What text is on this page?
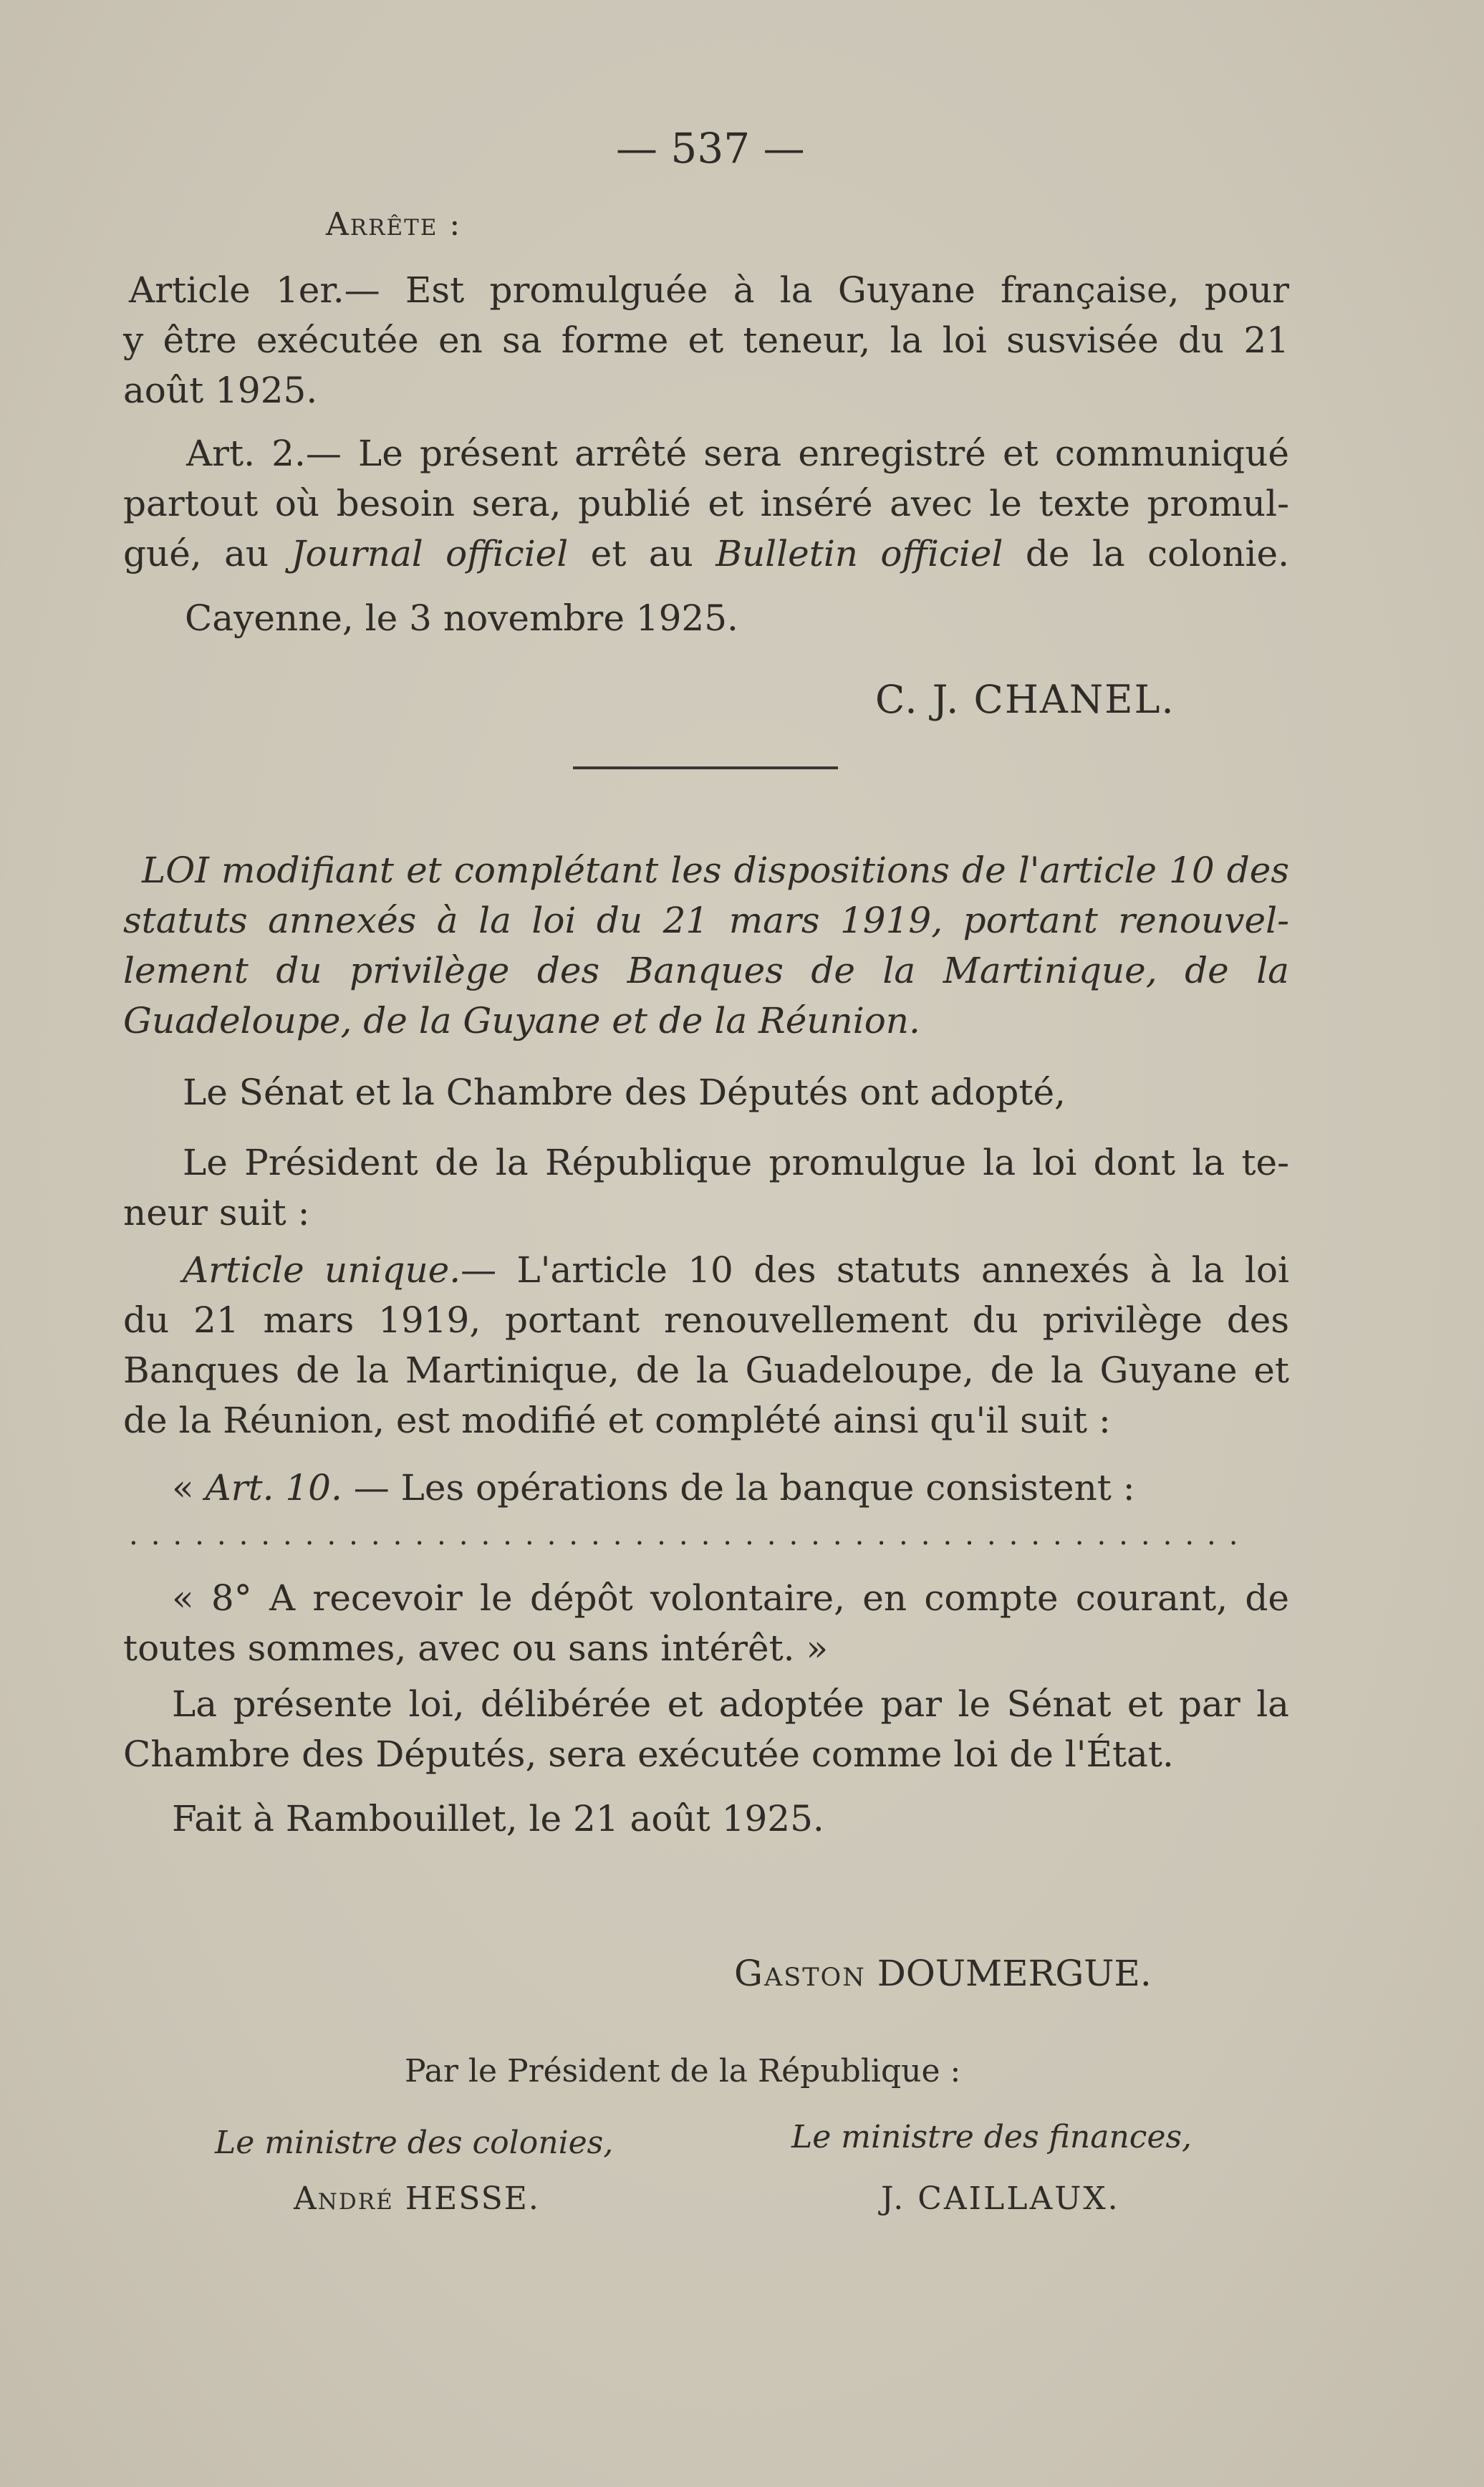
— 537 —
Arrête :
Article 1er.— Est promulguée à la Guyane française, pour
y être exécutée en sa forme et teneur, la loi susvisée du 21
août 1925.
Art. 2.— Le présent arrêté sera enregistré et communiqué
partout où besoin sera, publié et inséré avec le texte promul-
gué, au Journal officiel et au Bulletin officiel de la colonie.
Cayenne, le 3 novembre 1925.
C. J. CHANEL.
LOI modifiant et complétant les dispositions de l'article 10 des
statuts annexés à la loi du 21 mars 1919, portant renouvel-
lement du privilège des Banques de la Martinique, de la
Guadeloupe, de la Guyane et de la Réunion.
Le Sénat et la Chambre des Députés ont adopté,
Le Président de la République promulgue la loi dont la te-
neur suit :
Article unique.— L'article 10 des statuts annexés à la loi
du 21 mars 1919, portant renouvellement du privilège des
Banques de la Martinique, de la Guadeloupe, de la Guyane et
de la Réunion, est modifié et complété ainsi qu'il suit :
« Art. 10. — Les opérations de la banque consistent :
...................................................
« 8° A recevoir le dépôt volontaire, en compte courant, de
toutes sommes, avec ou sans intérêt. »
La présente loi, délibérée et adoptée par le Sénat et par la
Chambre des Députés, sera exécutée comme loi de l'État.
Fait à Rambouillet, le 21 août 1925.
Gaston DOUMERGUE.
Par le Président de la République :
Le ministre des colonies,	Le ministre des finances,
André HESSE.	J. CAILLAUX.
